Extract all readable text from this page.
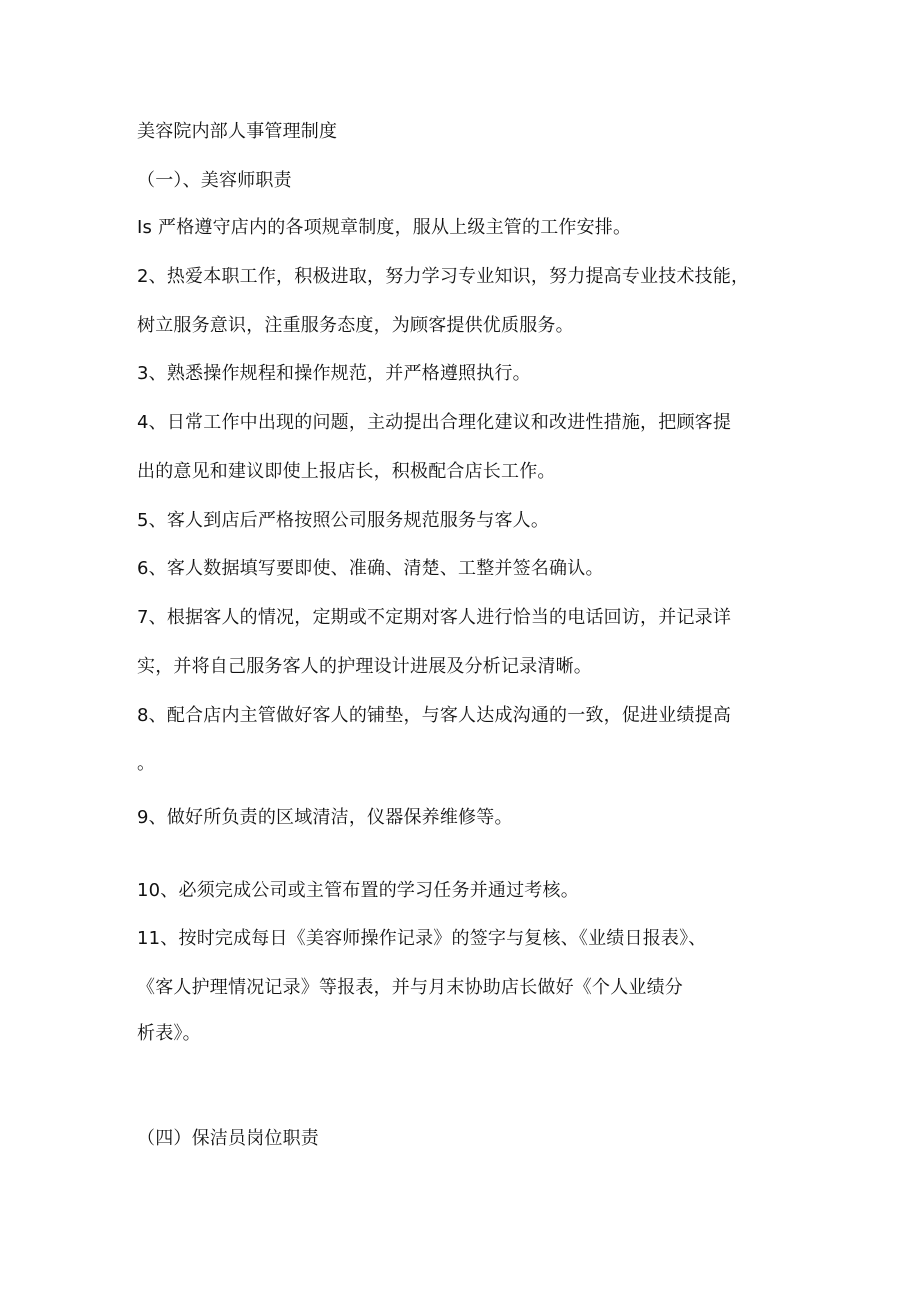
美容院内部人事管理制度
（一）、美容师职责
Is 严格遵守店内的各项规章制度，服从上级主管的工作安排。
2、热爱本职工作，积极进取，努力学习专业知识，努力提高专业技术技能，
树立服务意识，注重服务态度，为顾客提供优质服务。
3、熟悉操作规程和操作规范，并严格遵照执行。
4、日常工作中出现的问题，主动提出合理化建议和改进性措施，把顾客提
出的意见和建议即使上报店长，积极配合店长工作。
5、客人到店后严格按照公司服务规范服务与客人。
6、客人数据填写要即使、准确、清楚、工整并签名确认。
7、根据客人的情况，定期或不定期对客人进行恰当的电话回访，并记录详
实，并将自己服务客人的护理设计进展及分析记录清晰。
8、配合店内主管做好客人的铺垫，与客人达成沟通的一致，促进业绩提高
。
9、做好所负责的区域清洁，仪器保养维修等。
10、必须完成公司或主管布置的学习任务并通过考核。
11、按时完成每日《美容师操作记录》的签字与复核、《业绩日报表》、
《客人护理情况记录》等报表，并与月末协助店长做好《个人业绩分
析表》。
（四）保洁员岗位职责
